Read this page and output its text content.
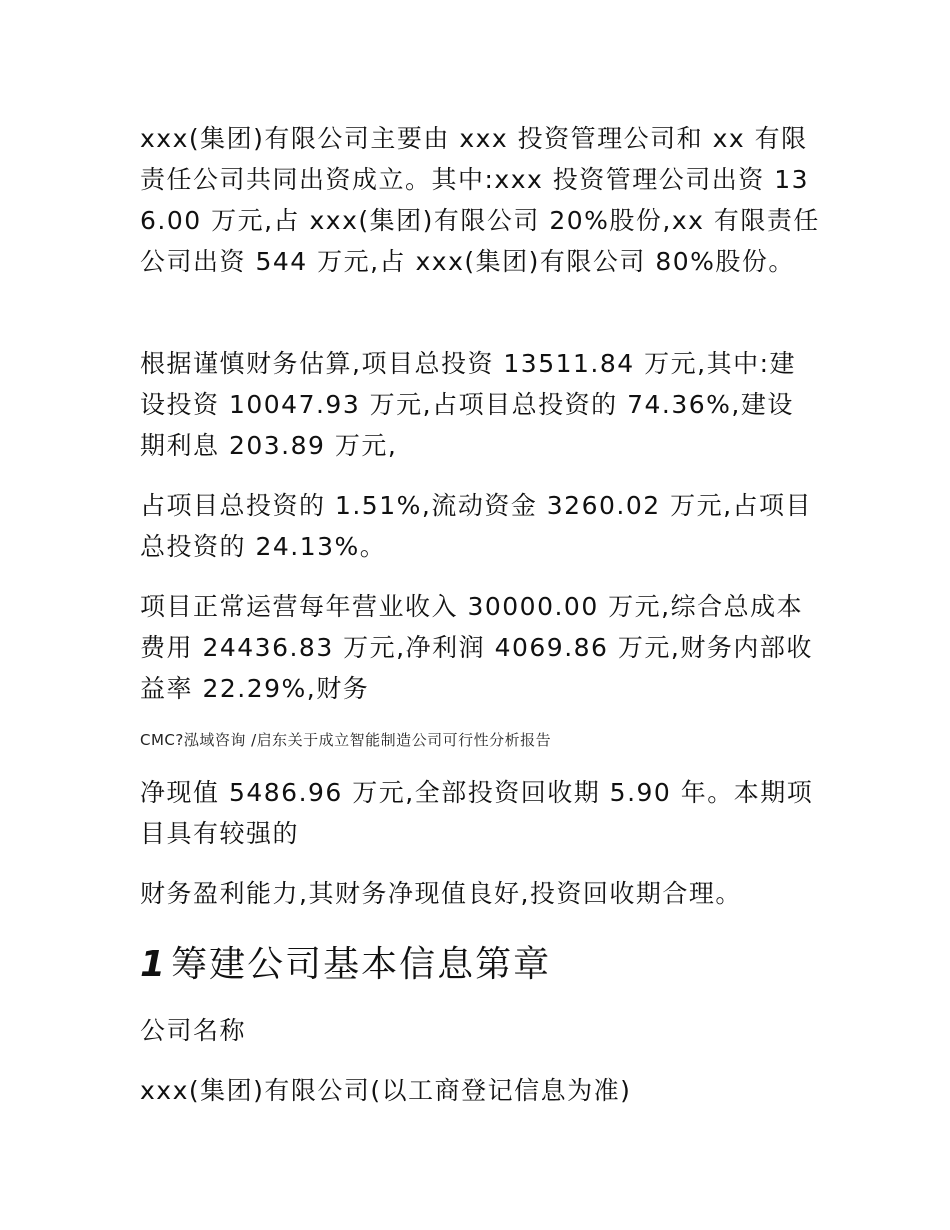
xxx(集团)有限公司主要由 xxx 投资管理公司和 xx 有限责任公司共同出资成立。其中:xxx 投资管理公司出资 136.00 万元,占 xxx(集团)有限公司 20%股份,xx 有限责任公司出资 544 万元,占 xxx(集团)有限公司 80%股份。

根据谨慎财务估算,项目总投资 13511.84 万元,其中:建设投资 10047.93 万元,占项目总投资的 74.36%,建设期利息 203.89 万元,

占项目总投资的 1.51%,流动资金 3260.02 万元,占项目总投资的 24.13%。

项目正常运营每年营业收入 30000.00 万元,综合总成本费用 24436.83 万元,净利润 4069.86 万元,财务内部收益率 22.29%,财务

CMC?泓域咨询 /启东关于成立智能制造公司可行性分析报告

净现值 5486.96 万元,全部投资回收期 5.90 年。本期项目具有较强的

财务盈利能力,其财务净现值良好,投资回收期合理。

1 筹建公司基本信息第章

公司名称

xxx(集团)有限公司(以工商登记信息为准)
